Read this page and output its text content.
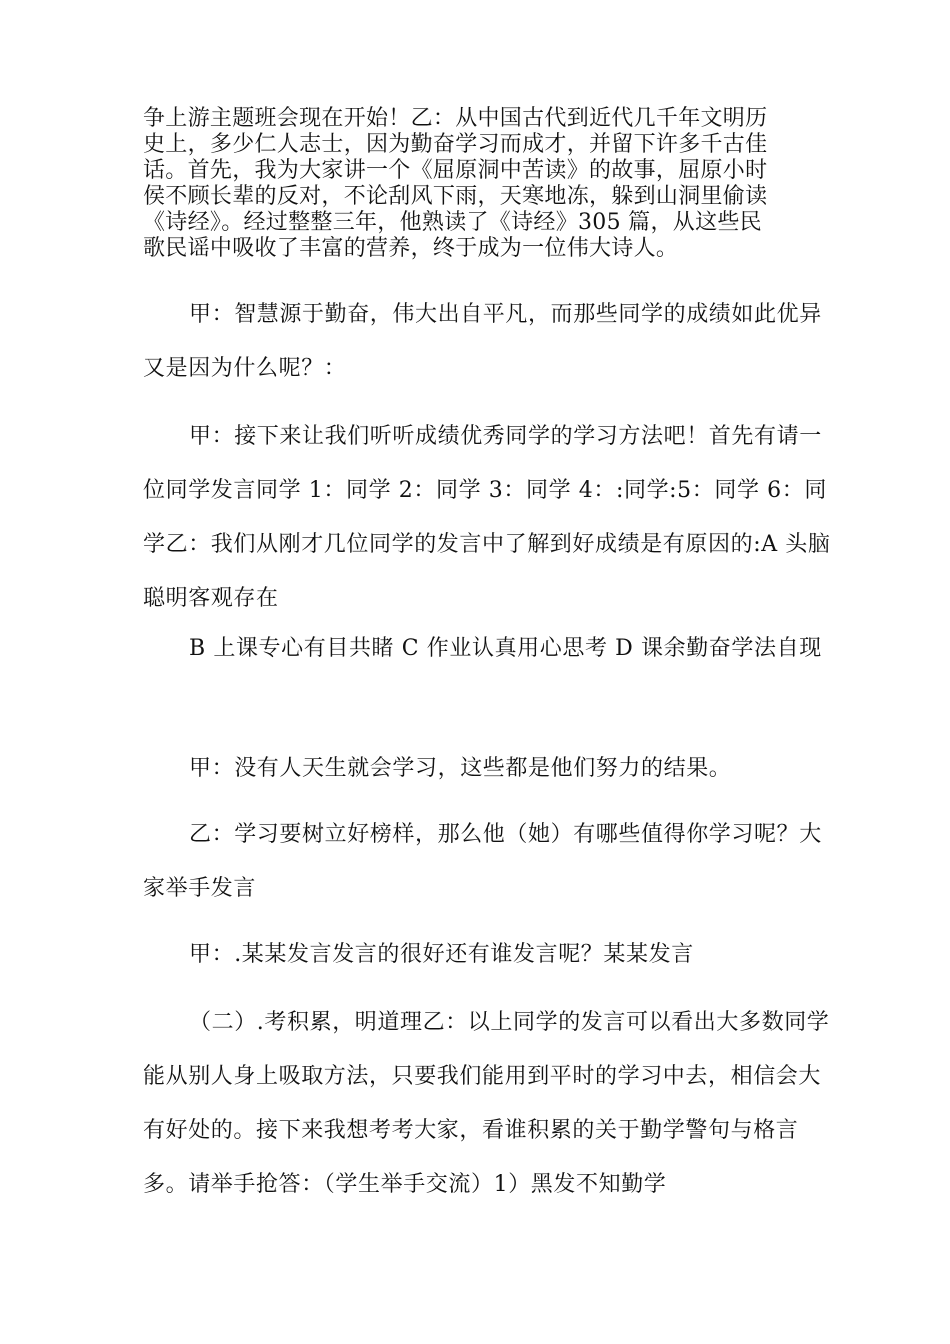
争上游主题班会现在开始！乙：从中国古代到近代几千年文明历
史上，多少仁人志士，因为勤奋学习而成才，并留下许多千古佳
话。首先，我为大家讲一个《屈原洞中苦读》的故事，屈原小时
侯不顾长辈的反对，不论刮风下雨，天寒地冻，躲到山洞里偷读
《诗经》。经过整整三年，他熟读了《诗经》305 篇，从这些民
歌民谣中吸收了丰富的营养，终于成为一位伟大诗人。
甲：智慧源于勤奋，伟大出自平凡，而那些同学的成绩如此优异又是因为什么呢？：
甲：接下来让我们听听成绩优秀同学的学习方法吧！首先有请一位同学发言同学 1：同学 2：同学 3：同学 4：:同学:5：同学 6：同学乙：我们从刚才几位同学的发言中了解到好成绩是有原因的:A 头脑聪明客观存在
B 上课专心有目共睹 C 作业认真用心思考 D 课余勤奋学法自现
甲：没有人天生就会学习，这些都是他们努力的结果。
乙：学习要树立好榜样，那么他（她）有哪些值得你学习呢？大家举手发言
甲：.某某发言发言的很好还有谁发言呢？某某发言
（二）.考积累，明道理乙：以上同学的发言可以看出大多数同学能从别人身上吸取方法，只要我们能用到平时的学习中去，相信会大有好处的。接下来我想考考大家，看谁积累的关于勤学警句与格言多。请举手抢答：（学生举手交流）1）黑发不知勤学
